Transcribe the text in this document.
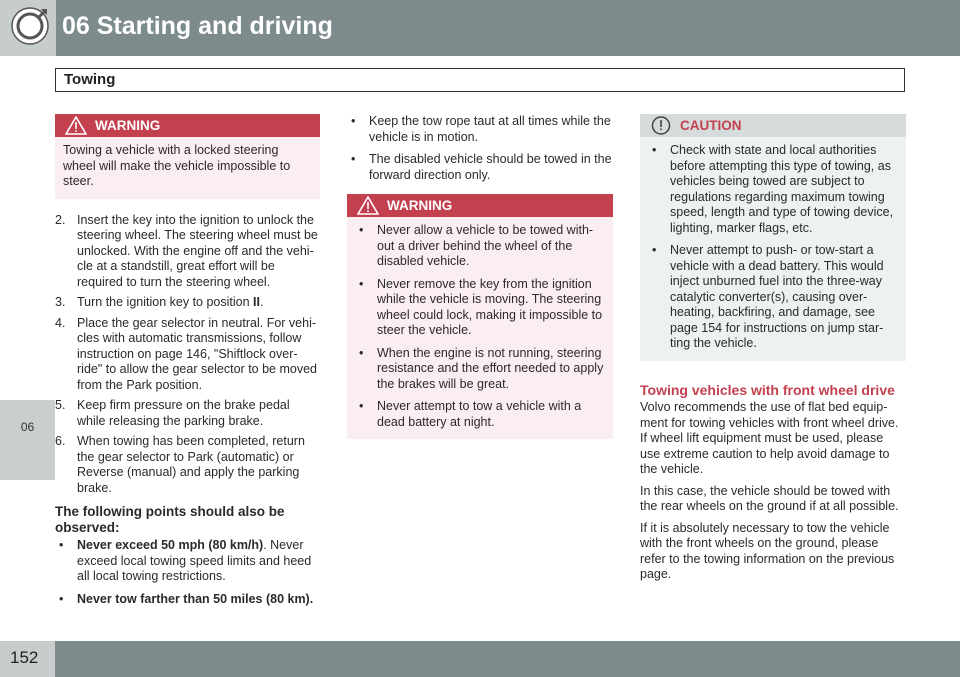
06 Starting and driving
Towing
06
WARNING
Towing a vehicle with a locked steering wheel will make the vehicle impossible to steer.
2. Insert the key into the ignition to unlock the steering wheel. The steering wheel must be unlocked. With the engine off and the vehi-cle at a standstill, great effort will be required to turn the steering wheel.
3. Turn the ignition key to position II.
4. Place the gear selector in neutral. For vehi-cles with automatic transmissions, follow instruction on page 146, "Shiftlock over-ride" to allow the gear selector to be moved from the Park position.
5. Keep firm pressure on the brake pedal while releasing the parking brake.
6. When towing has been completed, return the gear selector to Park (automatic) or Reverse (manual) and apply the parking brake.
The following points should also be observed:
• Never exceed 50 mph (80 km/h). Never exceed local towing speed limits and heed all local towing restrictions.
• Never tow farther than 50 miles (80 km).
• Keep the tow rope taut at all times while the vehicle is in motion.
• The disabled vehicle should be towed in the forward direction only.
WARNING
• Never allow a vehicle to be towed with-out a driver behind the wheel of the disabled vehicle.
• Never remove the key from the ignition while the vehicle is moving. The steering wheel could lock, making it impossible to steer the vehicle.
• When the engine is not running, steering resistance and the effort needed to apply the brakes will be great.
• Never attempt to tow a vehicle with a dead battery at night.
CAUTION
• Check with state and local authorities before attempting this type of towing, as vehicles being towed are subject to regulations regarding maximum towing speed, length and type of towing device, lighting, marker flags, etc.
• Never attempt to push- or tow-start a vehicle with a dead battery. This would inject unburned fuel into the three-way catalytic converter(s), causing over-heating, backfiring, and damage, see page 154 for instructions on jump star-ting the vehicle.
Towing vehicles with front wheel drive

Volvo recommends the use of flat bed equip-ment for towing vehicles with front wheel drive. If wheel lift equipment must be used, please use extreme caution to help avoid damage to the vehicle.

In this case, the vehicle should be towed with the rear wheels on the ground if at all possible.

If it is absolutely necessary to tow the vehicle with the front wheels on the ground, please refer to the towing information on the previous page.

152
